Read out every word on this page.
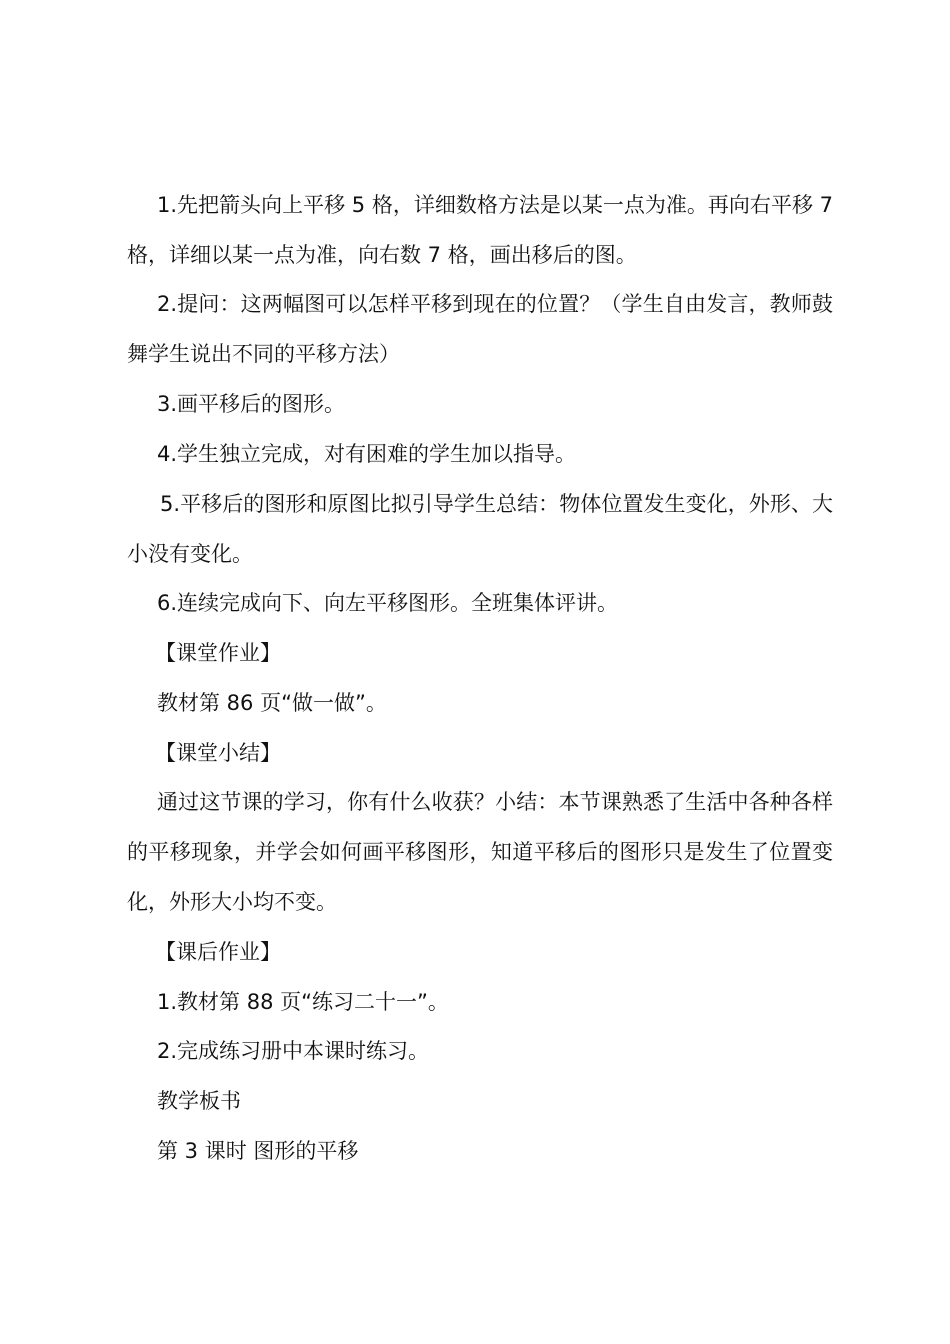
1.先把箭头向上平移 5 格，详细数格方法是以某一点为准。再向右平移 7 格，详细以某一点为准，向右数 7 格，画出移后的图。

2.提问：这两幅图可以怎样平移到现在的位置？（学生自由发言，教师鼓舞学生说出不同的平移方法）

3.画平移后的图形。

4.学生独立完成，对有困难的学生加以指导。

5.平移后的图形和原图比拟引导学生总结：物体位置发生变化，外形、大小没有变化。

6.连续完成向下、向左平移图形。全班集体评讲。

【课堂作业】

教材第 86 页“做一做”。

【课堂小结】

通过这节课的学习，你有什么收获？小结：本节课熟悉了生活中各种各样的平移现象，并学会如何画平移图形，知道平移后的图形只是发生了位置变化，外形大小均不变。

【课后作业】

1.教材第 88 页“练习二十一”。

2.完成练习册中本课时练习。

教学板书

第 3 课时 图形的平移
